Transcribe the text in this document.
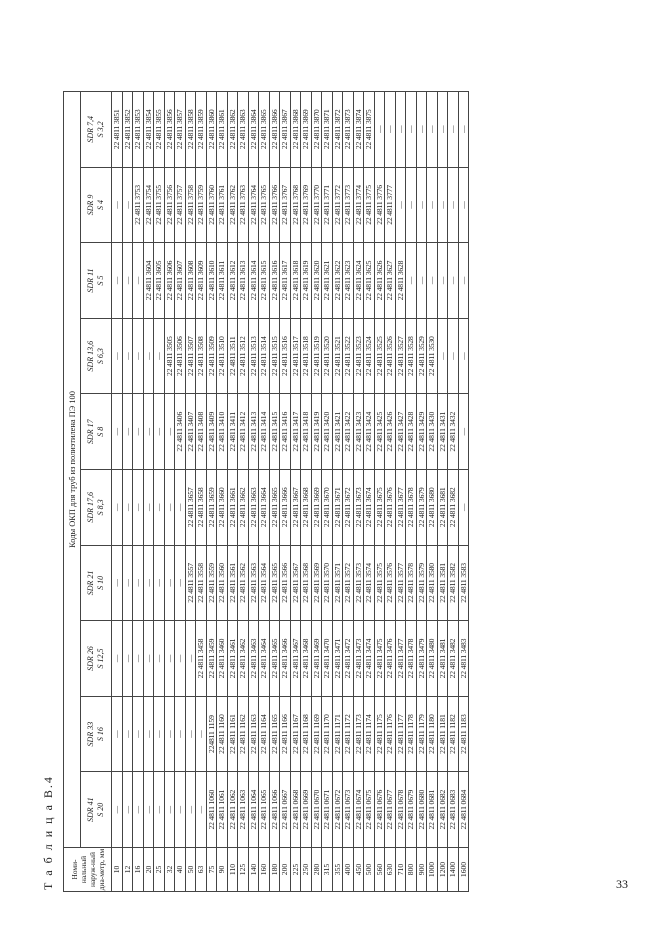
Т а б л и ц а В.4	Номи-нальный наруж-ный диа-метр, мм	Коды ОКП для труб из полиэтилена ПЭ 100									

	SDR 41 S 20	SDR 33 S 16	SDR 26 S 12,5	SDR 21 S 10	SDR 17,6 S 8,3	SDR 17 S 8	SDR 13,6 S 6,3	SDR 11 S 5	SDR 9 S 4	SDR 7,4 S 3,2

10	—	—	—	—	—	—	—	—	—	22 4811 3851
12	—	—	—	—	—	—	—	—	—	22 4811 3852
16	—	—	—	—	—	—	—	—	22 4811 3753	22 4811 3853
20	—	—	—	—	—	—	—	22 4811 3604	22 4811 3754	22 4811 3854
25	—	—	—	—	—	—	—	22 4811 3605	22 4811 3755	22 4811 3855
32	—	—	—	—	—	—	22 4811 3505	22 4811 3606	22 4811 3756	22 4811 3856
40	—	—	—	—	—	22 4811 3406	22 4811 3506	22 4811 3607	22 4811 3757	22 4811 3857
50	—	—	—	22 4811 3557	22 4811 3657	22 4811 3407	22 4811 3507	22 4811 3608	22 4811 3758	22 4811 3858
63	—	—	22 4811 3458	22 4811 3558	22 4811 3658	22 4811 3408	22 4811 3508	22 4811 3609	22 4811 3759	22 4811 3859
75	22 4811 1060	224811 1159	22 4811 3459	22 4811 3559	22 4811 3659	22 4811 3409	22 4811 3509	22 4811 3610	22 4811 3760	22 4811 3860
90	22 4811 1061	22 4811 1160	22 4811 3460	22 4811 3560	22 4811 3660	22 4811 3410	22 4811 3510	22 4811 3611	22 4811 3761	22 4811 3861
110	22 4811 1062	22 4811 1161	22 4811 3461	22 4811 3561	22 4811 3661	22 4811 3411	22 4811 3511	22 4811 3612	22 4811 3762	22 4811 3862
125	22 4811 1063	22 4811 1162	22 4811 3462	22 4811 3562	22 4811 3662	22 4811 3412	22 4811 3512	22 4811 3613	22 4811 3763	22 4811 3863
140	22 4811 1064	22 4811 1163	22 4811 3463	22 4811 3563	22 4811 3663	22 4811 3413	22 4811 3513	22 4811 3614	22 4811 3764	22 4811 3864
160	22 4811 1065	22 4811 1164	22 4811 3464	22 4811 3564	22 4811 3664	22 4811 3414	22 4811 3514	22 4811 3615	22 4811 3765	22 4811 3865
180	22 4811 1066	22 4811 1165	22 4811 3465	22 4811 3565	22 4811 3665	22 4811 3415	22 4811 3515	22 4811 3616	22 4811 3766	22 4811 3866
200	22 4811 0667	22 4811 1166	22 4811 3466	22 4811 3566	22 4811 3666	22 4811 3416	22 4811 3516	22 4811 3617	22 4811 3767	22 4811 3867
225	22 4811 0668	22 4811 1167	22 4811 3467	22 4811 3567	22 4811 3667	22 4811 3417	22 4811 3517	22 4811 3618	22 4811 3768	22 4811 3868
250	22 4811 0669	22 4811 1168	22 4811 3468	22 4811 3568	22 4811 3668	22 4811 3418	22 4811 3518	22 4811 3619	22 4811 3769	22 4811 3869
280	22 4811 0670	22 4811 1169	22 4811 3469	22 4811 3569	22 4811 3669	22 4811 3419	22 4811 3519	22 4811 3620	22 4811 3770	22 4811 3870
315	22 4811 0671	22 4811 1170	22 4811 3470	22 4811 3570	22 4811 3670	22 4811 3420	22 4811 3520	22 4811 3621	22 4811 3771	22 4811 3871
355	22 4811 0672	22 4811 1171	22 4811 3471	22 4811 3571	22 4811 3671	22 4811 3421	22 4811 3521	22 4811 3622	22 4811 3772	22 4811 3872
400	22 4811 0673	22 4811 1172	22 4811 3472	22 4811 3572	22 4811 3672	22 4811 3422	22 4811 3522	22 4811 3623	22 4811 3773	22 4811 3873
450	22 4811 0674	22 4811 1173	22 4811 3473	22 4811 3573	22 4811 3673	22 4811 3423	22 4811 3523	22 4811 3624	22 4811 3774	22 4811 3874
500	22 4811 0675	22 4811 1174	22 4811 3474	22 4811 3574	22 4811 3674	22 4811 3424	22 4811 3524	22 4811 3625	22 4811 3775	22 4811 3875
560	22 4811 0676	22 4811 1175	22 4811 3475	22 4811 3575	22 4811 3675	22 4811 3425	22 4811 3525	22 4811 3626	22 4811 3776	—
630	22 4811 0677	22 4811 1176	22 4811 3476	22 4811 3576	22 4811 3676	22 4811 3426	22 4811 3526	22 4811 3627	22 4811 3777	—
710	22 4811 0678	22 4811 1177	22 4811 3477	22 4811 3577	22 4811 3677	22 4811 3427	22 4811 3527	22 4811 3628	—	—
800	22 4811 0679	22 4811 1178	22 4811 3478	22 4811 3578	22 4811 3678	22 4811 3428	22 4811 3528	—	—	—
900	22 4811 0680	22 4811 1179	22 4811 3479	22 4811 3579	22 4811 3679	22 4811 3429	22 4811 3529	—	—	—
1000	22 4811 0681	22 4811 1180	22 4811 3480	22 4811 3580	22 4811 3680	22 4811 3430	22 4811 3530	—	—	—
1200	22 4811 0682	22 4811 1181	22 4811 3481	22 4811 3581	22 4811 3681	22 4811 3431	—	—	—	—
1400	22 4811 0683	22 4811 1182	22 4811 3482	22 4811 3582	22 4811 3682	22 4811 3432	—	—	—	—
1600	22 4811 0684	22 4811 1183	22 4811 3483	22 4811 3583	—	—	—	—	—	—
33
